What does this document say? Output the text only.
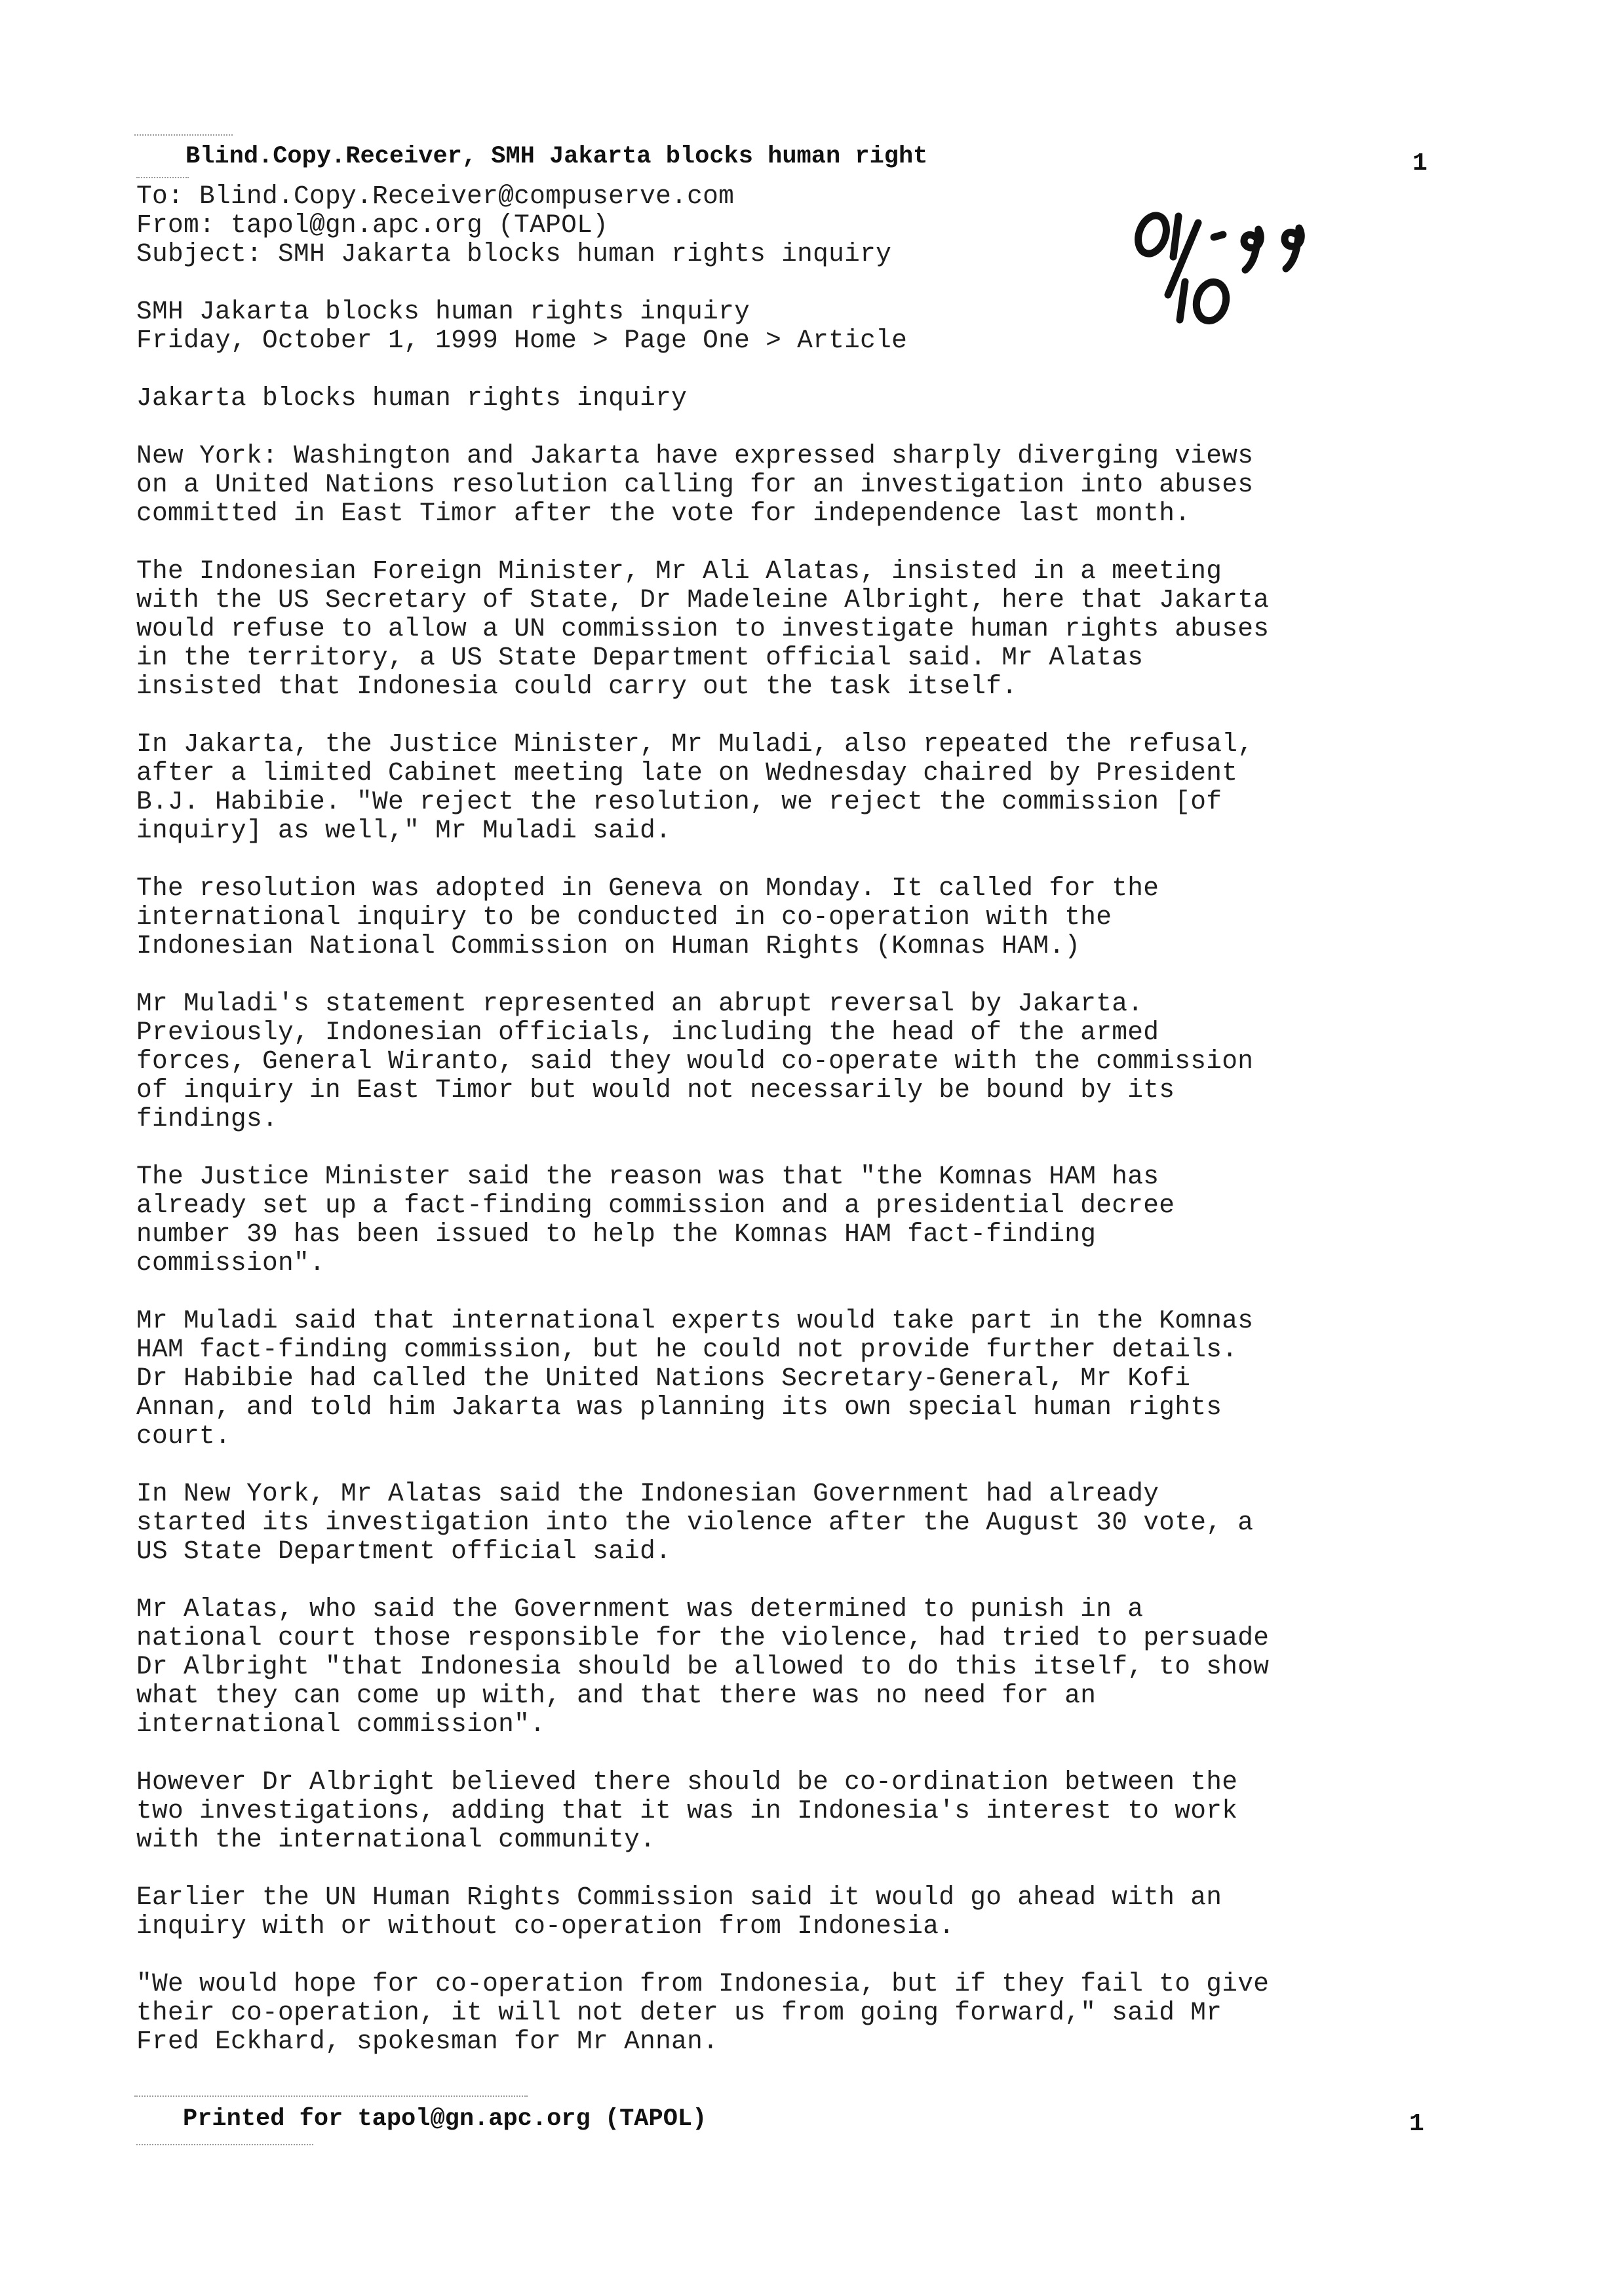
Blind.Copy.Receiver, SMH Jakarta blocks human right	1

To: Blind.Copy.Receiver@compuserve.com

From: tapol@gn.apc.org (TAPOL)

Subject: SMH Jakarta blocks human rights inquiry

SMH Jakarta blocks human rights inquiry

Friday, October 1, 1999 Home > Page One > Article

Jakarta blocks human rights inquiry

New York: Washington and Jakarta have expressed sharply diverging views
on a United Nations resolution calling for an investigation into abuses
committed in East Timor after the vote for independence last month.

The Indonesian Foreign Minister, Mr Ali Alatas, insisted in a meeting
with the US Secretary of State, Dr Madeleine Albright, here that Jakarta
would refuse to allow a UN commission to investigate human rights abuses
in the territory, a US State Department official said. Mr Alatas
insisted that Indonesia could carry out the task itself.

In Jakarta, the Justice Minister, Mr Muladi, also repeated the refusal,
after a limited Cabinet meeting late on Wednesday chaired by President
B.J. Habibie. "We reject the resolution, we reject the commission [of
inquiry] as well," Mr Muladi said.

The resolution was adopted in Geneva on Monday. It called for the
international inquiry to be conducted in co-operation with the
Indonesian National Commission on Human Rights (Komnas HAM.)

Mr Muladi's statement represented an abrupt reversal by Jakarta.
Previously, Indonesian officials, including the head of the armed
forces, General Wiranto, said they would co-operate with the commission
of inquiry in East Timor but would not necessarily be bound by its
findings.

The Justice Minister said the reason was that "the Komnas HAM has
already set up a fact-finding commission and a presidential decree
number 39 has been issued to help the Komnas HAM fact-finding
commission".

Mr Muladi said that international experts would take part in the Komnas
HAM fact-finding commission, but he could not provide further details.
Dr Habibie had called the United Nations Secretary-General, Mr Kofi
Annan, and told him Jakarta was planning its own special human rights
court.

In New York, Mr Alatas said the Indonesian Government had already
started its investigation into the violence after the August 30 vote, a
US State Department official said.

Mr Alatas, who said the Government was determined to punish in a
national court those responsible for the violence, had tried to persuade
Dr Albright "that Indonesia should be allowed to do this itself, to show
what they can come up with, and that there was no need for an
international commission".

However Dr Albright believed there should be co-ordination between the
two investigations, adding that it was in Indonesia's interest to work
with the international community.

Earlier the UN Human Rights Commission said it would go ahead with an
inquiry with or without co-operation from Indonesia.

"We would hope for co-operation from Indonesia, but if they fail to give
their co-operation, it will not deter us from going forward," said Mr
Fred Eckhard, spokesman for Mr Annan.

Printed for tapol@gn.apc.org (TAPOL)	1
